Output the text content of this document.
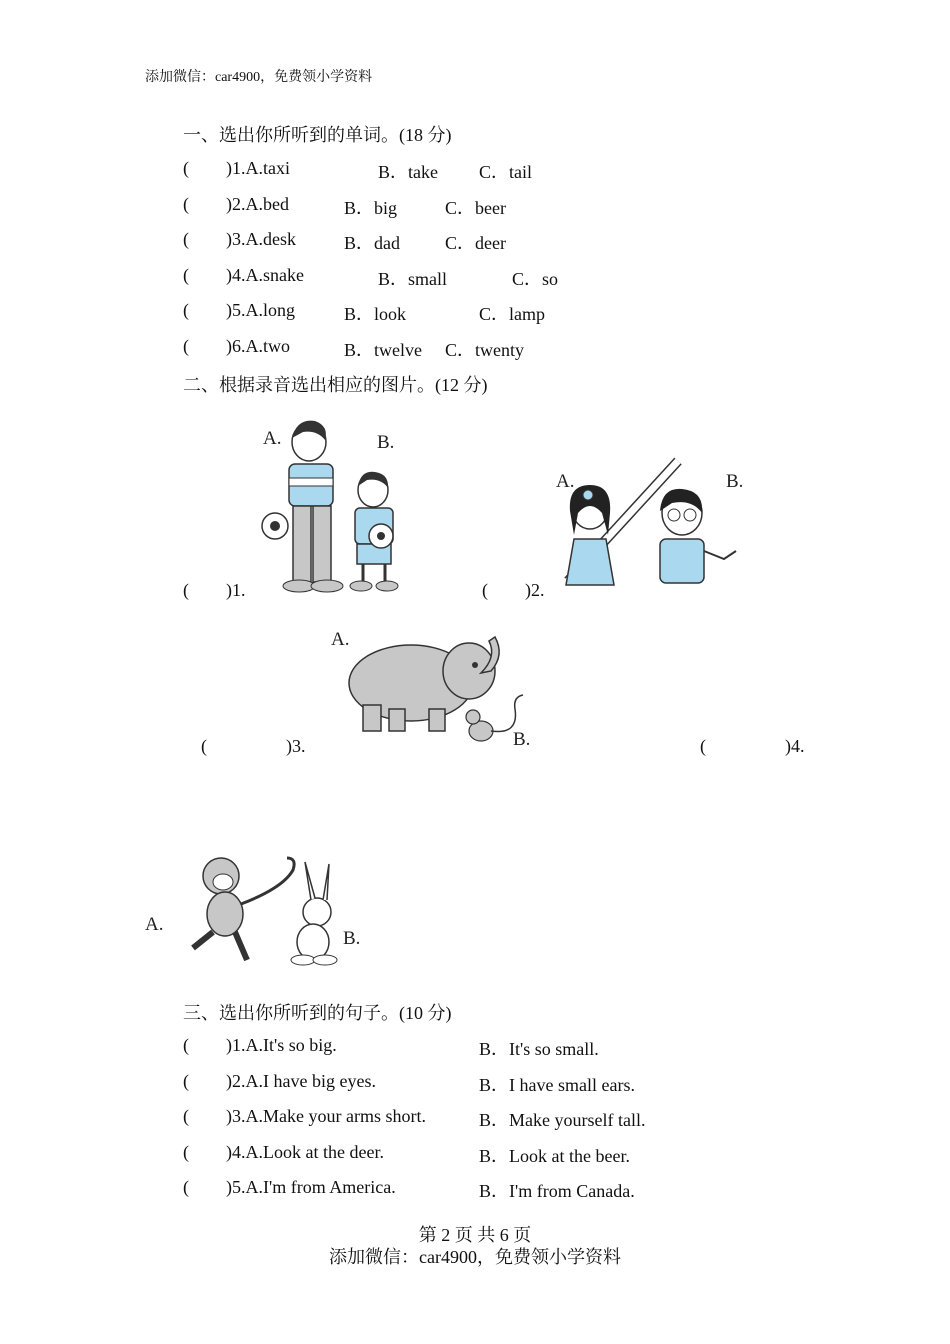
添加微信：car4900，免费领小学资料
一、选出你所听到的单词。(18 分)
( )1.A.taxi	B．take C．tail
( )2.A.bed	B．big	C．beer
( )3.A.desk	B．dad	C．deer
( )4.A.snake	B．small	C．so
( )5.A.long	B．look	C．lamp
( )6.A.two	B．twelve C．twenty
二、根据录音选出相应的图片。(12 分)
( )1.
A.	B.
( )2.
A.	B.
(	)3.
A.
B.	(	)4.
A.
B.
三、选出你所听到的句子。(10 分)
( )1.A.It's so big.	B．It's so small.
( )2.A.I have big eyes.	B．I have small ears.
( )3.A.Make your arms short.	B．Make yourself tall.
( )4.A.Look at the deer.	B．Look at the beer.
( )5.A.I'm from America.	B．I'm from Canada.
第 2 页 共 6 页
添加微信：car4900，免费领小学资料
